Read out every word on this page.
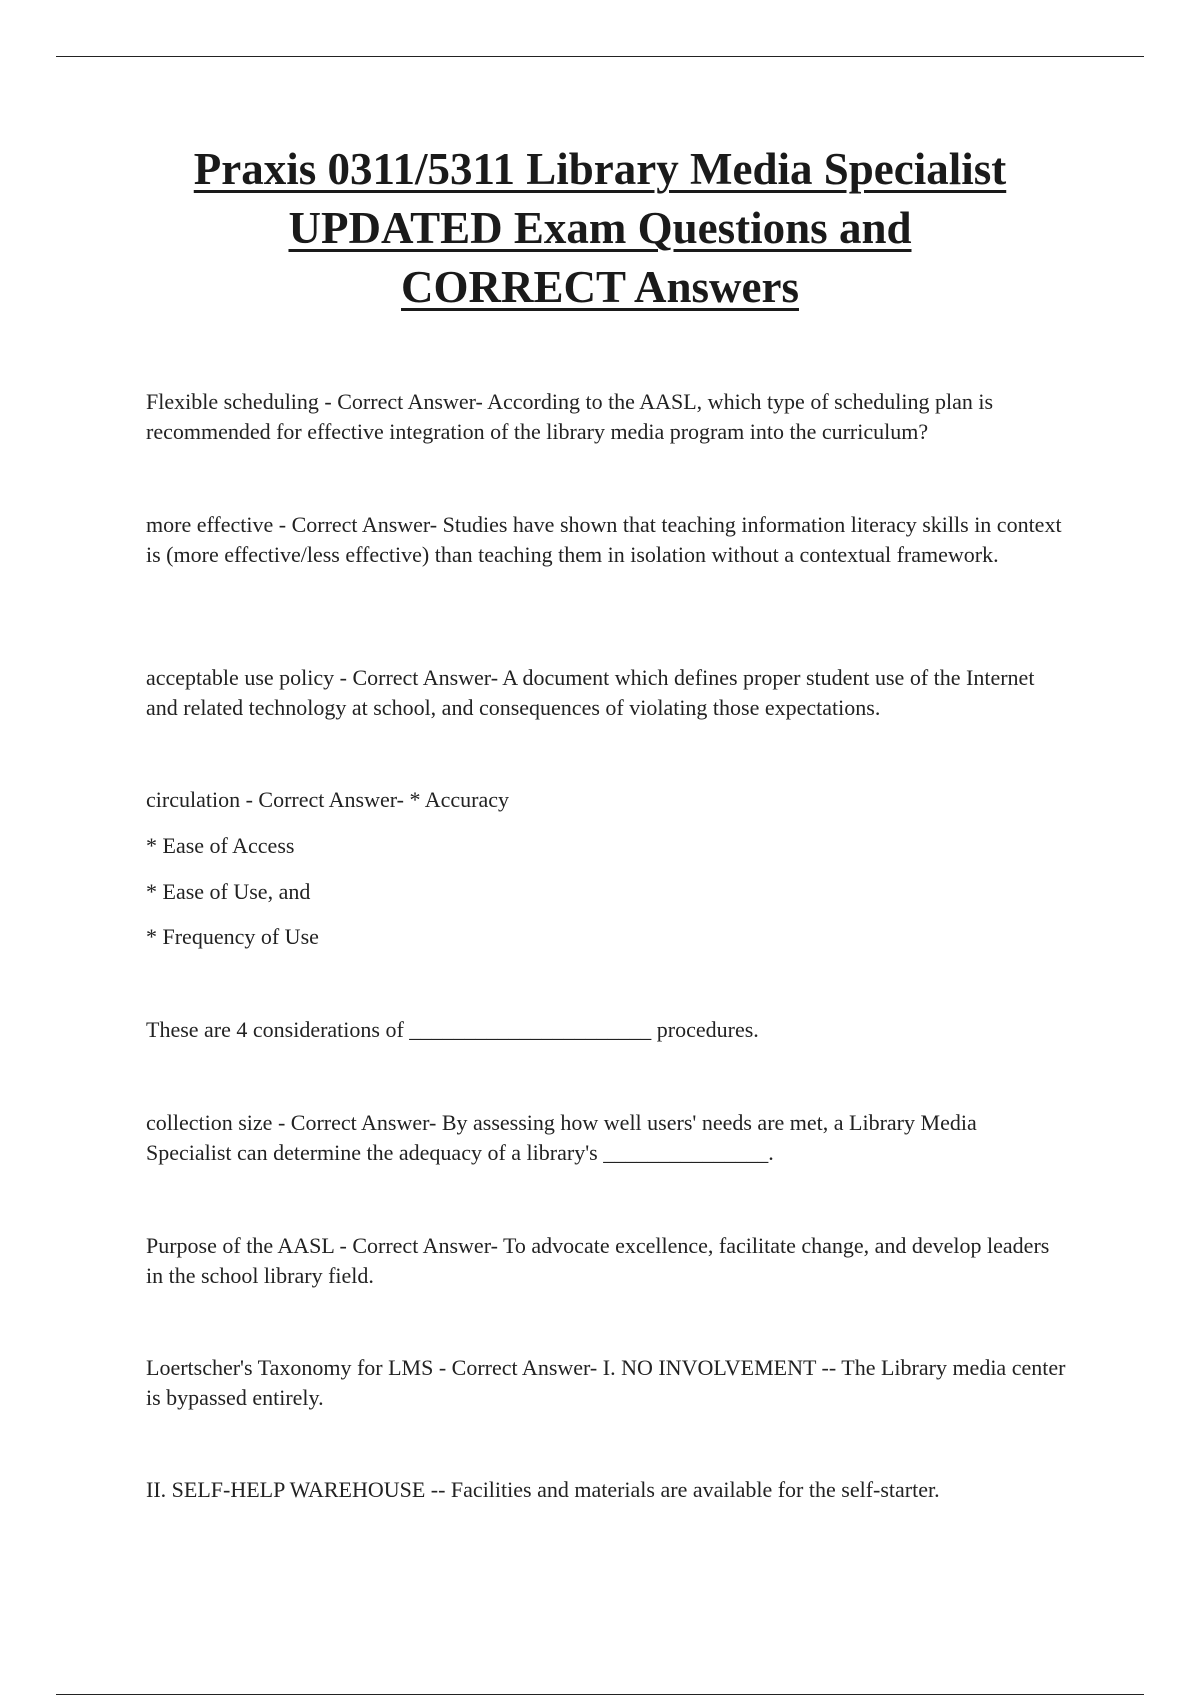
Praxis 0311/5311 Library Media Specialist
UPDATED Exam Questions and
CORRECT Answers

Flexible scheduling - Correct Answer- According to the AASL, which type of scheduling plan is recommended for effective integration of the library media program into the curriculum?

more effective - Correct Answer- Studies have shown that teaching information literacy skills in context is (more effective/less effective) than teaching them in isolation without a contextual framework.

acceptable use policy - Correct Answer- A document which defines proper student use of the Internet and related technology at school, and consequences of violating those expectations.

circulation - Correct Answer- * Accuracy

* Ease of Access

* Ease of Use, and

* Frequency of Use

These are 4 considerations of ______________________ procedures.

collection size - Correct Answer- By assessing how well users' needs are met, a Library Media Specialist can determine the adequacy of a library's _______________.

Purpose of the AASL - Correct Answer- To advocate excellence, facilitate change, and develop leaders in the school library field.

Loertscher's Taxonomy for LMS - Correct Answer- I. NO INVOLVEMENT -- The Library media center is bypassed entirely.

II. SELF-HELP WAREHOUSE -- Facilities and materials are available for the self-starter.
